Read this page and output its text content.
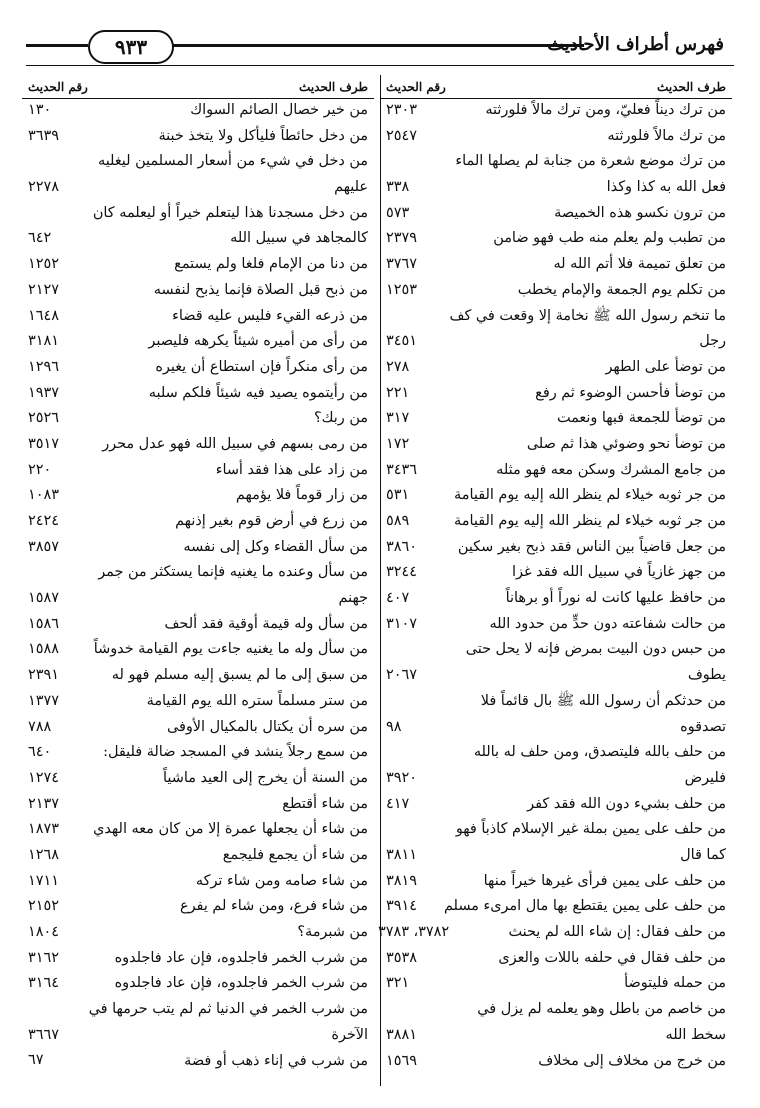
فهرس أطراف الأحاديث
٩٣٣
طرف الحديث
رقم الحديث
من ترك ديناً فعليّ، ومن ترك مالاً فلورثته
٢٣٠٣
من ترك مالاً فلورثته
٢٥٤٧
من ترك موضع شعرة من جنابة لم يصلها الماء
فعل الله به كذا وكذا
٣٣٨
من ترون نكسو هذه الخميصة
٥٧٣
من تطبب ولم يعلم منه طب فهو ضامن
٢٣٧٩
من تعلق تميمة فلا أتم الله له
٣٧٦٧
من تكلم يوم الجمعة والإمام يخطب
١٢٥٣
ما تنخم رسول الله ﷺ نخامة إلا وقعت في كف
رجل
٣٤٥١
من توضأ على الطهر
٢٧٨
من توضأ فأحسن الوضوء ثم رفع
٢٢١
من توضأ للجمعة فبها ونعمت
٣١٧
من توضأ نحو وضوئي هذا ثم صلى
١٧٢
من جامع المشرك وسكن معه فهو مثله
٣٤٣٦
من جر ثوبه خيلاء لم ينظر الله إليه يوم القيامة
٥٣١
من جر ثوبه خيلاء لم ينظر الله إليه يوم القيامة
٥٨٩
من جعل قاضياً بين الناس فقد ذبح بغير سكين
٣٨٦٠
من جهز غازياً في سبيل الله فقد غزا
٣٢٤٤
من حافظ عليها كانت له نوراً أو برهاناً
٤٠٧
من حالت شفاعته دون حدٍّ من حدود الله
٣١٠٧
من حبس دون البيت بمرض فإنه لا يحل حتى
يطوف
٢٠٦٧
من حدثكم أن رسول الله ﷺ بال قائماً فلا
تصدقوه
٩٨
من حلف بالله فليتصدق، ومن حلف له بالله
فليرض
٣٩٢٠
من حلف بشيء دون الله فقد كفر
٤١٧
من حلف على يمين بملة غير الإسلام كاذباً فهو
كما قال
٣٨١١
من حلف على يمين فرأى غيرها خيراً منها
٣٨١٩
من حلف على يمين يقتطع بها مال امرىء مسلم
٣٩١٤
من حلف فقال: إن شاء الله لم يحنث
٣٧٨٢، ٣٧٨٣
من حلف فقال في حلفه باللات والعزى
٣٥٣٨
من حمله فليتوضأ
٣٢١
من خاصم من باطل وهو يعلمه لم يزل في
سخط الله
٣٨٨١
من خرج من مخلاف إلى مخلاف
١٥٦٩
طرف الحديث
رقم الحديث
من خير خصال الصائم السواك
١٣٠
من دخل حائطاً فليأكل ولا يتخذ خبنة
٣٦٣٩
من دخل في شيء من أسعار المسلمين ليغليه
عليهم
٢٢٧٨
من دخل مسجدنا هذا ليتعلم خيراً أو ليعلمه كان
كالمجاهد في سبيل الله
٦٤٢
من دنا من الإمام فلغا ولم يستمع
١٢٥٢
من ذبح قبل الصلاة فإنما يذبح لنفسه
٢١٢٧
من ذرعه القيء فليس عليه قضاء
١٦٤٨
من رأى من أميره شيئاً يكرهه فليصبر
٣١٨١
من رأى منكراً فإن استطاع أن يغيره
١٢٩٦
من رأيتموه يصيد فيه شيئاً فلكم سلبه
١٩٣٧
من ربك؟
٢٥٢٦
من رمى بسهم في سبيل الله فهو عدل محرر
٣٥١٧
من زاد على هذا فقد أساء
٢٢٠
من زار قوماً فلا يؤمهم
١٠٨٣
من زرع في أرض قوم بغير إذنهم
٢٤٢٤
من سأل القضاء وكل إلى نفسه
٣٨٥٧
من سأل وعنده ما يغنيه فإنما يستكثر من جمر
جهنم
١٥٨٧
من سأل وله قيمة أوقية فقد ألحف
١٥٨٦
من سأل وله ما يغنيه جاءت يوم القيامة خدوشاً
١٥٨٨
من سبق إلى ما لم يسبق إليه مسلم فهو له
٢٣٩١
من ستر مسلماً ستره الله يوم القيامة
١٣٧٧
من سره أن يكتال بالمكيال الأوفى
٧٨٨
من سمع رجلاً ينشد في المسجد ضالة فليقل:
٦٤٠
من السنة أن يخرج إلى العيد ماشياً
١٢٧٤
من شاء أقتطع
٢١٣٧
من شاء أن يجعلها عمرة إلا من كان معه الهدي
١٨٧٣
من شاء أن يجمع فليجمع
١٢٦٨
من شاء صامه ومن شاء تركه
١٧١١
من شاء فرع، ومن شاء لم يفرع
٢١٥٢
من شبرمة؟
١٨٠٤
من شرب الخمر فاجلدوه، فإن عاد فاجلدوه
٣١٦٢
من شرب الخمر فاجلدوه، فإن عاد فاجلدوه
٣١٦٤
من شرب الخمر في الدنيا ثم لم يتب حرمها في
الآخرة
٣٦٦٧
من شرب في إناء ذهب أو فضة
٦٧
